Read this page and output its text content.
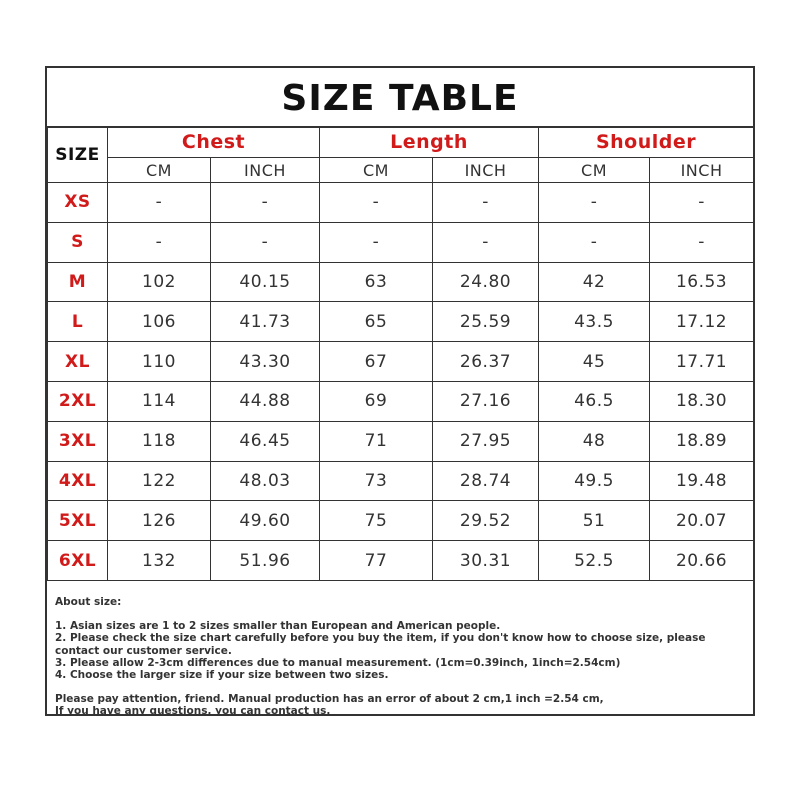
SIZE TABLE
SIZE	Chest		Length		Shoulder	
	CM	INCH	CM	INCH	CM	INCH
XS	-	-	-	-	-	-
S	-	-	-	-	-	-
M	102	40.15	63	24.80	42	16.53
L	106	41.73	65	25.59	43.5	17.12
XL	110	43.30	67	26.37	45	17.71
2XL	114	44.88	69	27.16	46.5	18.30
3XL	118	46.45	71	27.95	48	18.89
4XL	122	48.03	73	28.74	49.5	19.48
5XL	126	49.60	75	29.52	51	20.07
6XL	132	51.96	77	30.31	52.5	20.66
About size:
1. Asian sizes are 1 to 2 sizes smaller than European and American people.
2. Please check the size chart carefully before you buy the item, if you don't know how to choose size, please contact our customer service.
3. Please allow 2-3cm differences due to manual measurement. (1cm=0.39inch, 1inch=2.54cm)
4. Choose the larger size if your size between two sizes.
Please pay attention, friend. Manual production has an error of about 2 cm,1 inch =2.54 cm,
If you have any questions, you can contact us.
